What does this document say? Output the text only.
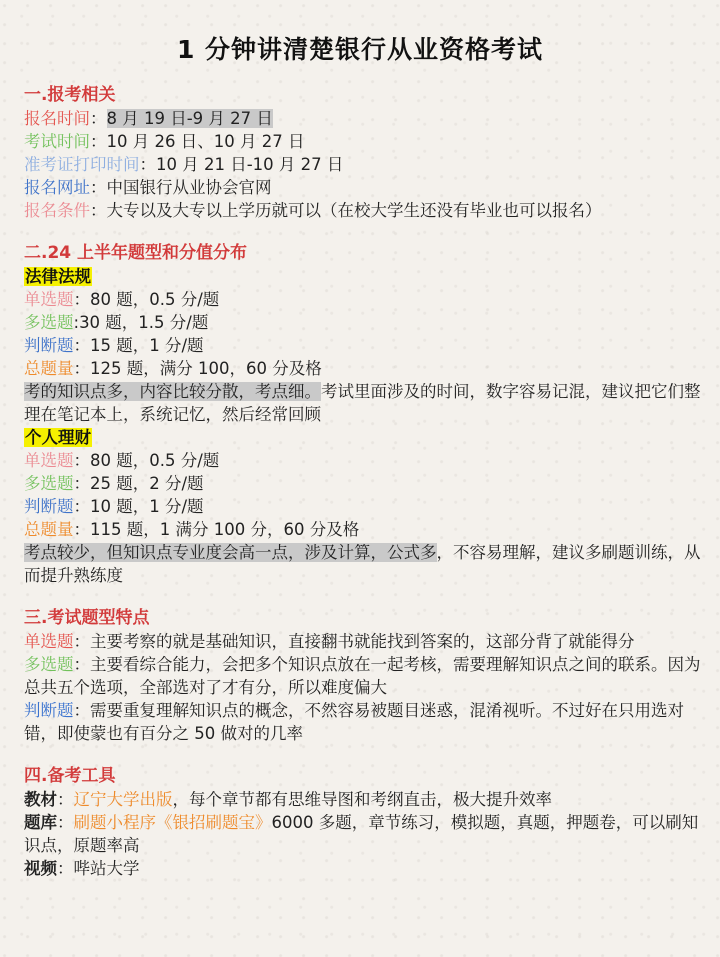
1 分钟讲清楚银行从业资格考试
一.报考相关
报名时间：8 月 19 日-9 月 27 日
考试时间：10 月 26 日、10 月 27 日
准考证打印时间：10 月 21 日-10 月 27 日
报名网址：中国银行从业协会官网
报名条件：大专以及大专以上学历就可以（在校大学生还没有毕业也可以报名）
二.24 上半年题型和分值分布
法律法规
单选题：80 题，0.5 分/题
多选题:30 题，1.5 分/题
判断题：15 题，1 分/题
总题量：125 题，满分 100，60 分及格
考的知识点多，内容比较分散，考点细。考试里面涉及的时间，数字容易记混，建议把它们整理在笔记本上，系统记忆，然后经常回顾
个人理财
单选题：80 题，0.5 分/题
多选题：25 题，2 分/题
判断题：10 题，1 分/题
总题量：115 题，1 满分 100 分，60 分及格
考点较少，但知识点专业度会高一点，涉及计算，公式多，不容易理解，建议多刷题训练，从而提升熟练度
三.考试题型特点
单选题：主要考察的就是基础知识，直接翻书就能找到答案的，这部分背了就能得分
多选题：主要看综合能力，会把多个知识点放在一起考核，需要理解知识点之间的联系。因为总共五个选项，全部选对了才有分，所以难度偏大
判断题：需要重复理解知识点的概念，不然容易被题目迷惑，混淆视听。不过好在只用选对错，即使蒙也有百分之 50 做对的几率
四.备考工具
教材：辽宁大学出版，每个章节都有思维导图和考纲直击，极大提升效率
题库：刷题小程序《银招刷题宝》6000 多题，章节练习，模拟题，真题，押题卷，可以刷知识点，原题率高
视频：哔站大学
